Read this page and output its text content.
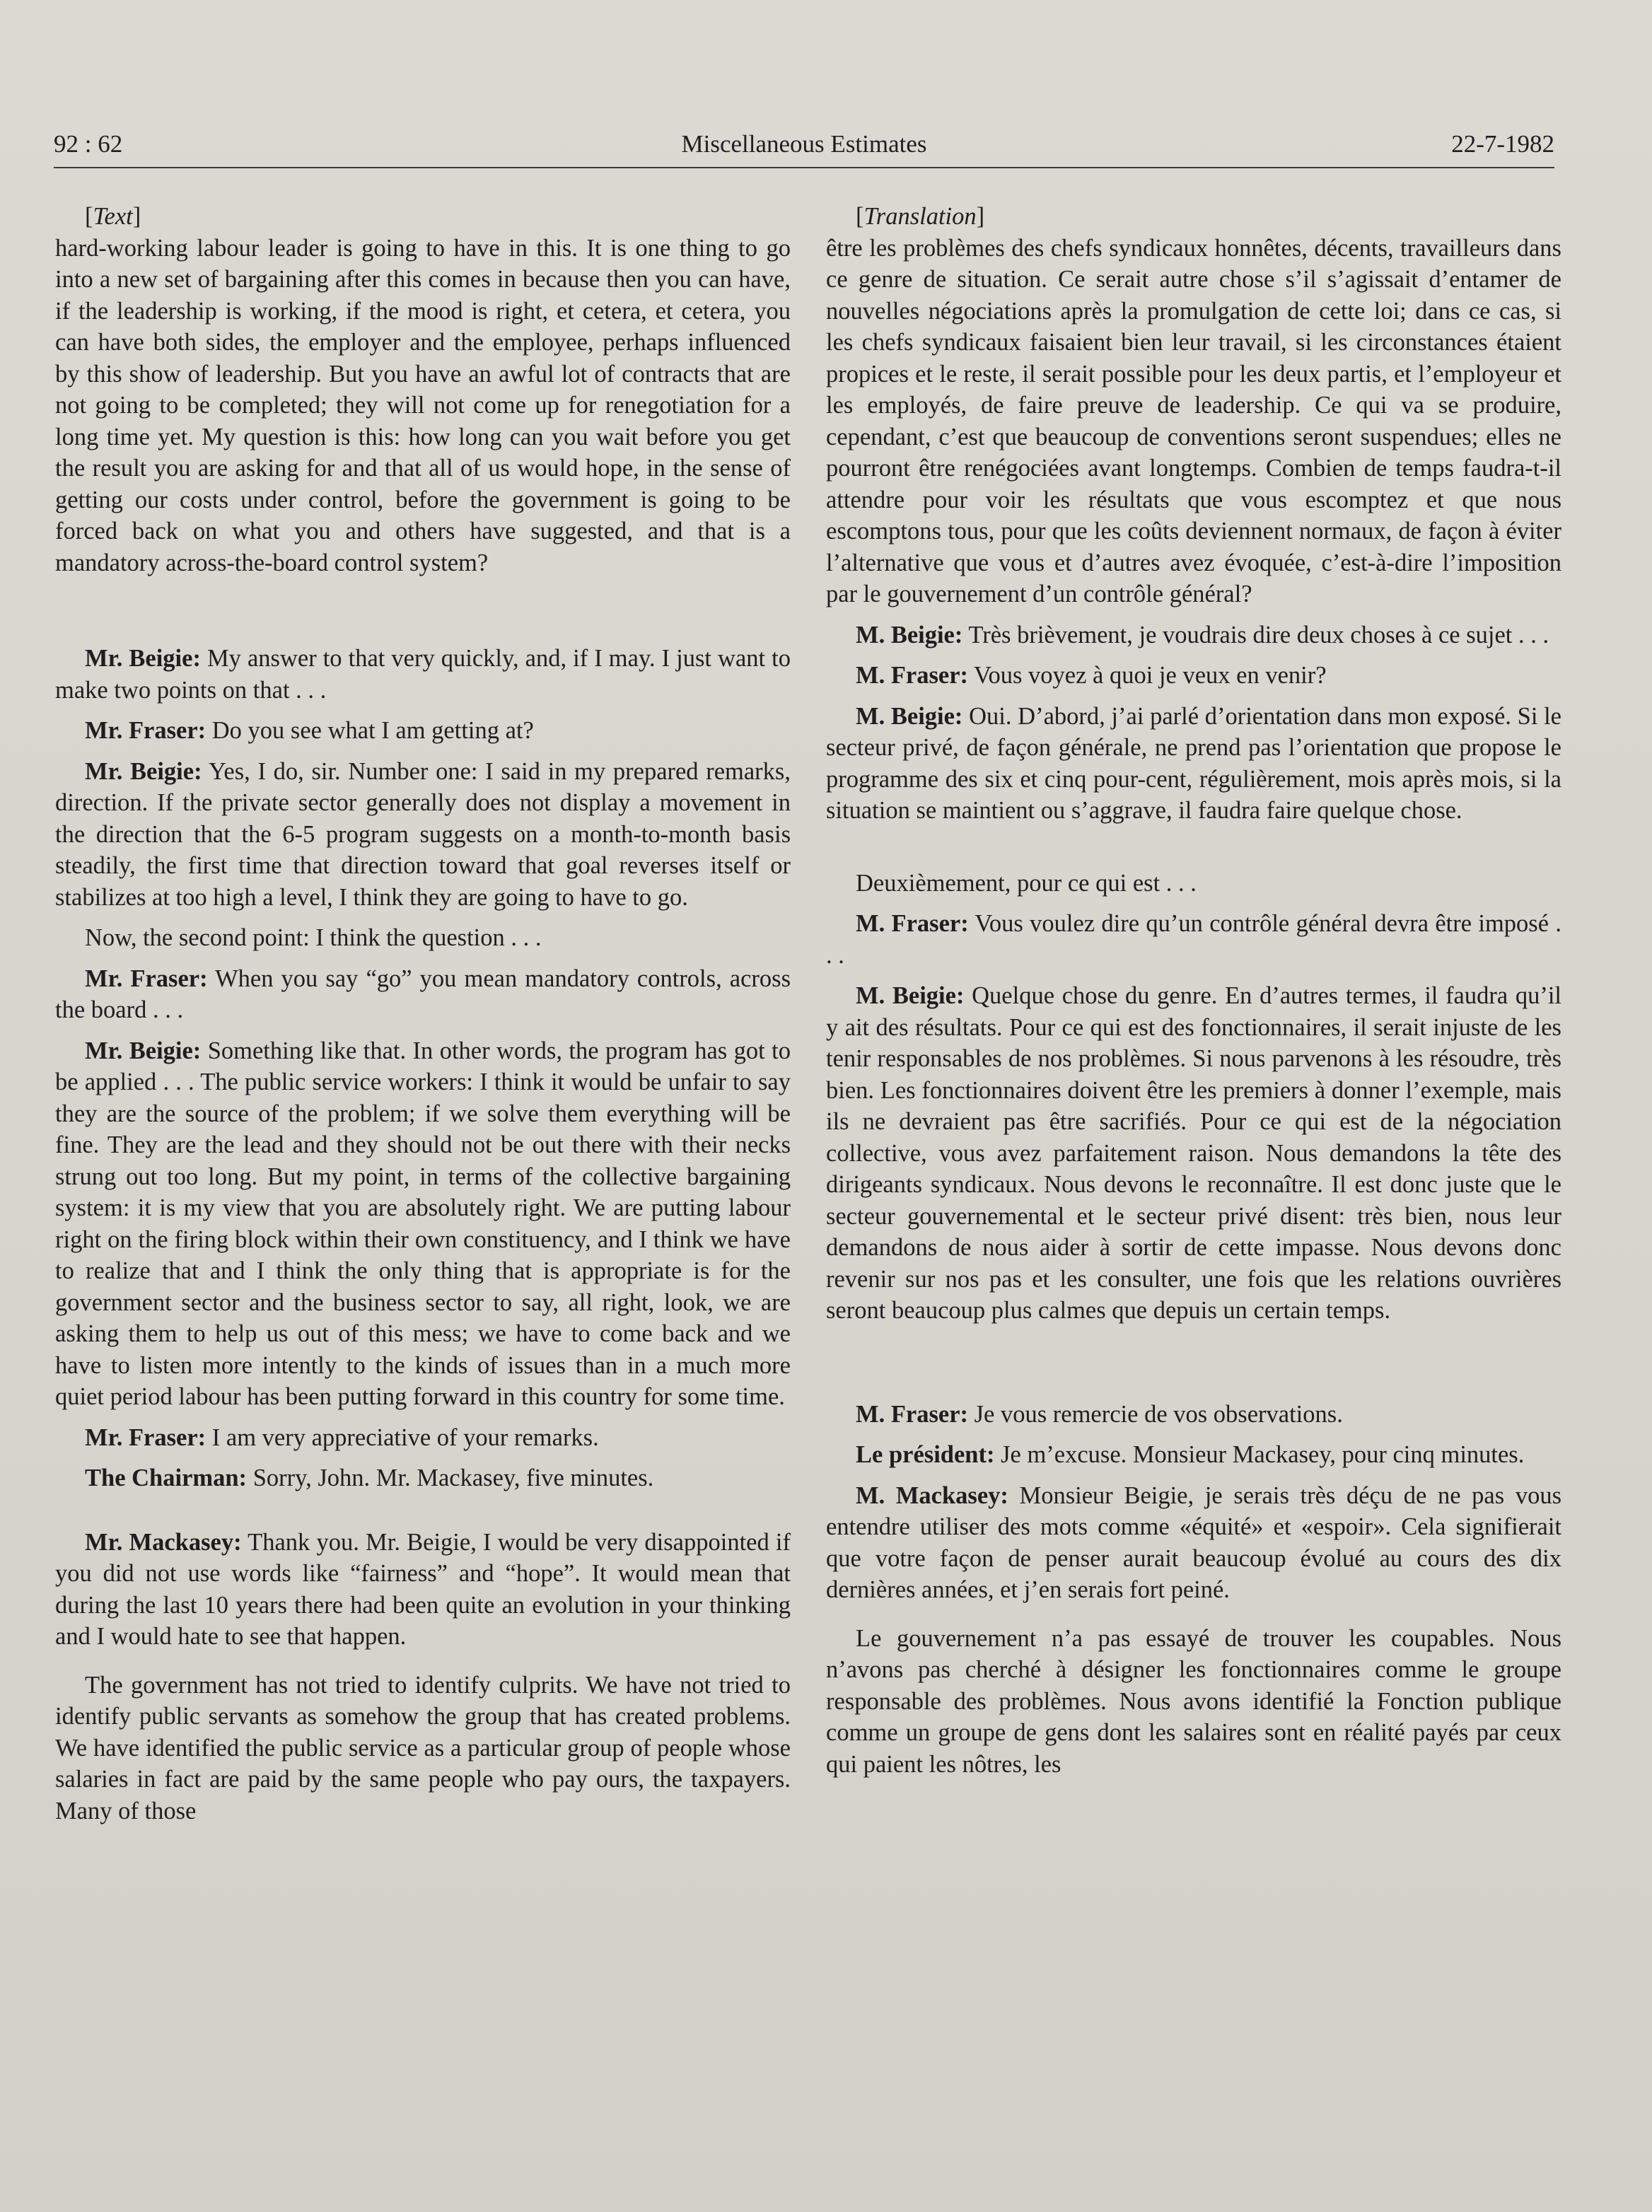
92 : 62	Miscellaneous Estimates	22-7-1982

[Text]

hard-working labour leader is going to have in this. It is one thing to go into a new set of bargaining after this comes in because then you can have, if the leadership is working, if the mood is right, et cetera, et cetera, you can have both sides, the employer and the employee, perhaps influenced by this show of leadership. But you have an awful lot of contracts that are not going to be completed; they will not come up for renegotiation for a long time yet. My question is this: how long can you wait before you get the result you are asking for and that all of us would hope, in the sense of getting our costs under control, before the government is going to be forced back on what you and others have suggested, and that is a mandatory across-the-board control system?

Mr. Beigie: My answer to that very quickly, and, if I may. I just want to make two points on that . . .

Mr. Fraser: Do you see what I am getting at?

Mr. Beigie: Yes, I do, sir. Number one: I said in my prepared remarks, direction. If the private sector generally does not display a movement in the direction that the 6-5 program suggests on a month-to-month basis steadily, the first time that direction toward that goal reverses itself or stabilizes at too high a level, I think they are going to have to go.

Now, the second point: I think the question . . .

Mr. Fraser: When you say “go” you mean mandatory controls, across the board . . .

Mr. Beigie: Something like that. In other words, the program has got to be applied . . . The public service workers: I think it would be unfair to say they are the source of the problem; if we solve them everything will be fine. They are the lead and they should not be out there with their necks strung out too long. But my point, in terms of the collective bargaining system: it is my view that you are absolutely right. We are putting labour right on the firing block within their own constituency, and I think we have to realize that and I think the only thing that is appropriate is for the government sector and the business sector to say, all right, look, we are asking them to help us out of this mess; we have to come back and we have to listen more intently to the kinds of issues than in a much more quiet period labour has been putting forward in this country for some time.

Mr. Fraser: I am very appreciative of your remarks.

The Chairman: Sorry, John. Mr. Mackasey, five minutes.

Mr. Mackasey: Thank you. Mr. Beigie, I would be very disappointed if you did not use words like “fairness” and “hope”. It would mean that during the last 10 years there had been quite an evolution in your thinking and I would hate to see that happen.

The government has not tried to identify culprits. We have not tried to identify public servants as somehow the group that has created problems. We have identified the public service as a particular group of people whose salaries in fact are paid by the same people who pay ours, the taxpayers. Many of those

[Translation]

être les problèmes des chefs syndicaux honnêtes, décents, travailleurs dans ce genre de situation. Ce serait autre chose s’il s’agissait d’entamer de nouvelles négociations après la promulgation de cette loi; dans ce cas, si les chefs syndicaux faisaient bien leur travail, si les circonstances étaient propices et le reste, il serait possible pour les deux partis, et l’employeur et les employés, de faire preuve de leadership. Ce qui va se produire, cependant, c’est que beaucoup de conventions seront suspendues; elles ne pourront être renégociées avant longtemps. Combien de temps faudra-t-il attendre pour voir les résultats que vous escomptez et que nous escomptons tous, pour que les coûts deviennent normaux, de façon à éviter l’alternative que vous et d’autres avez évoquée, c’est-à-dire l’imposition par le gouvernement d’un contrôle général?

M. Beigie: Très brièvement, je voudrais dire deux choses à ce sujet . . .

M. Fraser: Vous voyez à quoi je veux en venir?

M. Beigie: Oui. D’abord, j’ai parlé d’orientation dans mon exposé. Si le secteur privé, de façon générale, ne prend pas l’orientation que propose le programme des six et cinq pour-cent, régulièrement, mois après mois, si la situation se maintient ou s’aggrave, il faudra faire quelque chose.

Deuxièmement, pour ce qui est . . .

M. Fraser: Vous voulez dire qu’un contrôle général devra être imposé . . .

M. Beigie: Quelque chose du genre. En d’autres termes, il faudra qu’il y ait des résultats. Pour ce qui est des fonctionnaires, il serait injuste de les tenir responsables de nos problèmes. Si nous parvenons à les résoudre, très bien. Les fonctionnaires doivent être les premiers à donner l’exemple, mais ils ne devraient pas être sacrifiés. Pour ce qui est de la négociation collective, vous avez parfaitement raison. Nous demandons la tête des dirigeants syndicaux. Nous devons le reconnaître. Il est donc juste que le secteur gouvernemental et le secteur privé disent: très bien, nous leur demandons de nous aider à sortir de cette impasse. Nous devons donc revenir sur nos pas et les consulter, une fois que les relations ouvrières seront beaucoup plus calmes que depuis un certain temps.

M. Fraser: Je vous remercie de vos observations.

Le président: Je m’excuse. Monsieur Mackasey, pour cinq minutes.

M. Mackasey: Monsieur Beigie, je serais très déçu de ne pas vous entendre utiliser des mots comme «équité» et «espoir». Cela signifierait que votre façon de penser aurait beaucoup évolué au cours des dix dernières années, et j’en serais fort peiné.

Le gouvernement n’a pas essayé de trouver les coupables. Nous n’avons pas cherché à désigner les fonctionnaires comme le groupe responsable des problèmes. Nous avons identifié la Fonction publique comme un groupe de gens dont les salaires sont en réalité payés par ceux qui paient les nôtres, les
